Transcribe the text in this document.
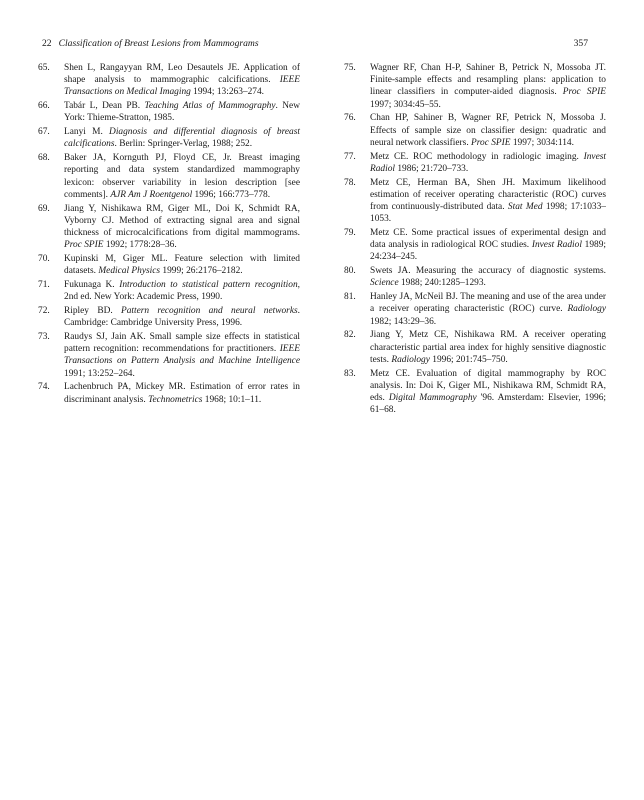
22 Classification of Breast Lesions from Mammograms	357
65. Shen L, Rangayyan RM, Leo Desautels JE. Application of shape analysis to mammographic calcifications. IEEE Transactions on Medical Imaging 1994; 13:263–274.
66. Tabár L, Dean PB. Teaching Atlas of Mammography. New York: Thieme-Stratton, 1985.
67. Lanyi M. Diagnosis and differential diagnosis of breast calcifications. Berlin: Springer-Verlag, 1988; 252.
68. Baker JA, Kornguth PJ, Floyd CE, Jr. Breast imaging reporting and data system standardized mammography lexicon: observer variability in lesion description [see comments]. AJR Am J Roentgenol 1996; 166:773–778.
69. Jiang Y, Nishikawa RM, Giger ML, Doi K, Schmidt RA, Vyborny CJ. Method of extracting signal area and signal thickness of microcalcifications from digital mammograms. Proc SPIE 1992; 1778:28–36.
70. Kupinski M, Giger ML. Feature selection with limited datasets. Medical Physics 1999; 26:2176–2182.
71. Fukunaga K. Introduction to statistical pattern recognition, 2nd ed. New York: Academic Press, 1990.
72. Ripley BD. Pattern recognition and neural networks. Cambridge: Cambridge University Press, 1996.
73. Raudys SJ, Jain AK. Small sample size effects in statistical pattern recognition: recommendations for practitioners. IEEE Transactions on Pattern Analysis and Machine Intelligence 1991; 13:252–264.
74. Lachenbruch PA, Mickey MR. Estimation of error rates in discriminant analysis. Technometrics 1968; 10:1–11.
75. Wagner RF, Chan H-P, Sahiner B, Petrick N, Mossoba JT. Finite-sample effects and resampling plans: application to linear classifiers in computer-aided diagnosis. Proc SPIE 1997; 3034:45–55.
76. Chan HP, Sahiner B, Wagner RF, Petrick N, Mossoba J. Effects of sample size on classifier design: quadratic and neural network classifiers. Proc SPIE 1997; 3034:114.
77. Metz CE. ROC methodology in radiologic imaging. Invest Radiol 1986; 21:720–733.
78. Metz CE, Herman BA, Shen JH. Maximum likelihood estimation of receiver operating characteristic (ROC) curves from continuously-distributed data. Stat Med 1998; 17:1033–1053.
79. Metz CE. Some practical issues of experimental design and data analysis in radiological ROC studies. Invest Radiol 1989; 24:234–245.
80. Swets JA. Measuring the accuracy of diagnostic systems. Science 1988; 240:1285–1293.
81. Hanley JA, McNeil BJ. The meaning and use of the area under a receiver operating characteristic (ROC) curve. Radiology 1982; 143:29–36.
82. Jiang Y, Metz CE, Nishikawa RM. A receiver operating characteristic partial area index for highly sensitive diagnostic tests. Radiology 1996; 201:745–750.
83. Metz CE. Evaluation of digital mammography by ROC analysis. In: Doi K, Giger ML, Nishikawa RM, Schmidt RA, eds. Digital Mammography '96. Amsterdam: Elsevier, 1996; 61–68.
